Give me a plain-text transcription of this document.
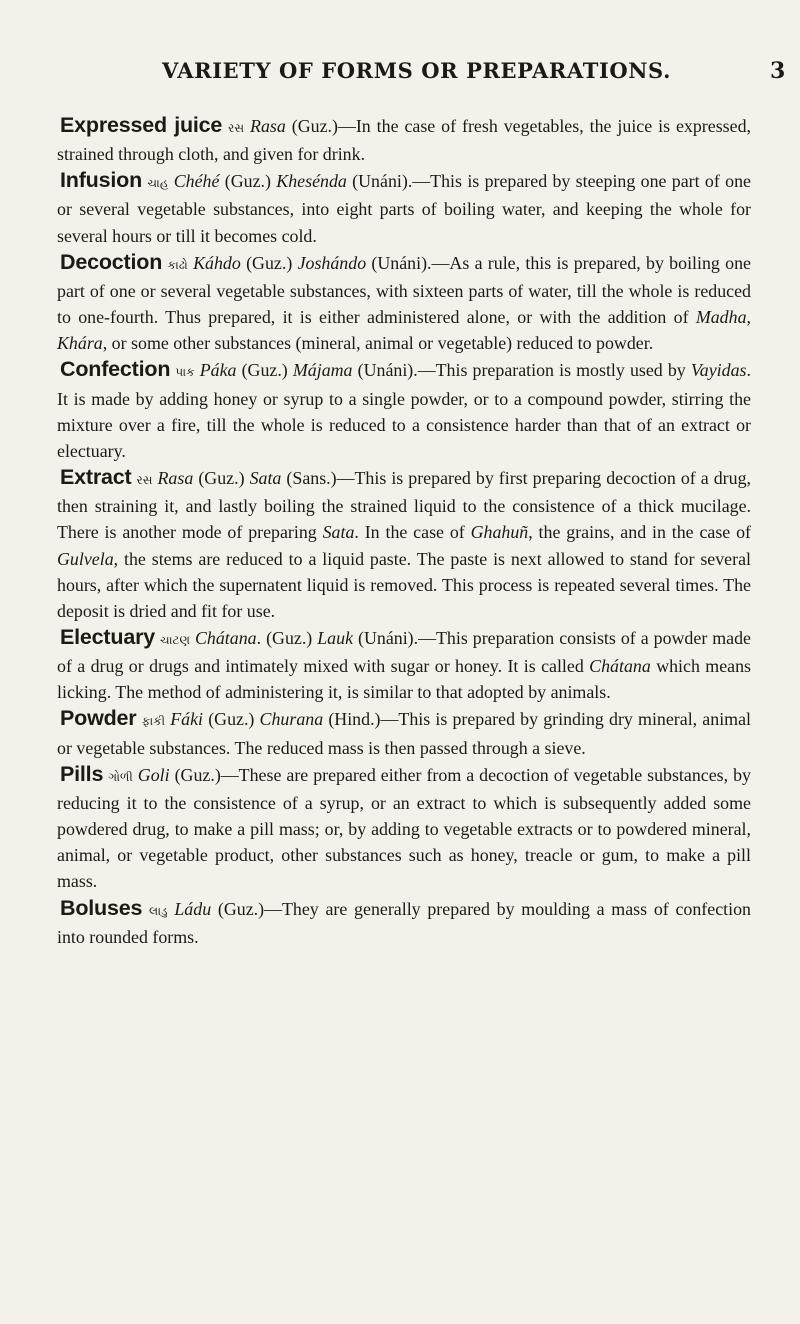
VARIETY OF FORMS OR PREPARATIONS.	3

Expressed juice રસ Rasa (Guz.)—In the case of fresh vegetables, the juice is expressed, strained through cloth, and given for drink.

Infusion ચાહ Chéhé (Guz.) Khesénda (Unáni).—This is prepared by steeping one part of one or several vegetable substances, into eight parts of boiling water, and keeping the whole for several hours or till it becomes cold.

Decoction કાઢો Káhdo (Guz.) Joshándo (Unáni).—As a rule, this is prepared, by boiling one part of one or several vegetable substances, with sixteen parts of water, till the whole is reduced to one-fourth. Thus prepared, it is either administered alone, or with the addition of Madha, Khára, or some other substances (mineral, animal or vegetable) reduced to powder.

Confection પાક Páka (Guz.) Májama (Unáni).—This preparation is mostly used by Vayidas. It is made by adding honey or syrup to a single powder, or to a compound powder, stirring the mixture over a fire, till the whole is reduced to a consistence harder than that of an extract or electuary.

Extract રસ Rasa (Guz.) Sata (Sans.)—This is prepared by first preparing decoction of a drug, then straining it, and lastly boiling the strained liquid to the consistence of a thick mucilage. There is another mode of preparing Sata. In the case of Ghahuñ, the grains, and in the case of Gulvela, the stems are reduced to a liquid paste. The paste is next allowed to stand for several hours, after which the supernatent liquid is removed. This process is repeated several times. The deposit is dried and fit for use.

Electuary ચાટણ Chátana. (Guz.) Lauk (Unáni).—This preparation consists of a powder made of a drug or drugs and intimately mixed with sugar or honey. It is called Chátana which means licking. The method of administering it, is similar to that adopted by animals.

Powder ફાકી Fáki (Guz.) Churana (Hind.)—This is prepared by grinding dry mineral, animal or vegetable substances. The reduced mass is then passed through a sieve.

Pills ગોળી Goli (Guz.)—These are prepared either from a decoction of vegetable substances, by reducing it to the consistence of a syrup, or an extract to which is subsequently added some powdered drug, to make a pill mass; or, by adding to vegetable extracts or to powdered mineral, animal, or vegetable product, other substances such as honey, treacle or gum, to make a pill mass.

Boluses લાડુ Ládu (Guz.)—They are generally prepared by moulding a mass of confection into rounded forms.
